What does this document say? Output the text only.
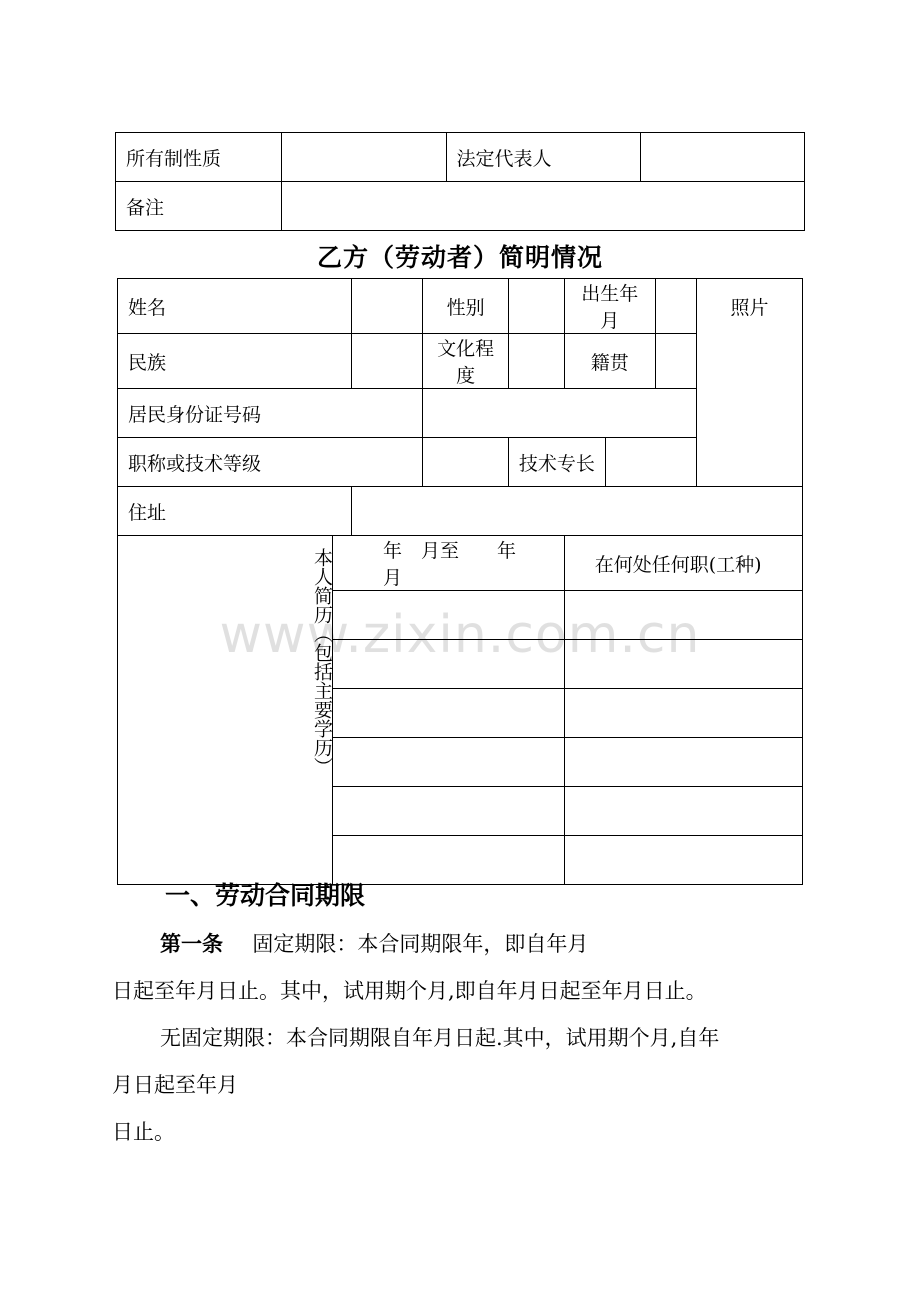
所有制性质		法定代表人	
备注			
乙方（劳动者）简明情况
姓名			性别		出生年月			照片
民族			文化程度		籍贯			
居民身份证号码								
职称或技术等级				技术专长				
住址								
本人简历（包括主要学历）	年　月至　　年　月				在何处任何职(工种)			

www.zixin.com.cn
一、劳动合同期限
第一条 固定期限：本合同期限年，即自年月
日起至年月日止。其中，试用期个月,即自年月日起至年月日止。
无固定期限：本合同期限自年月日起.其中，试用期个月,自年
月日起至年月
日止。
